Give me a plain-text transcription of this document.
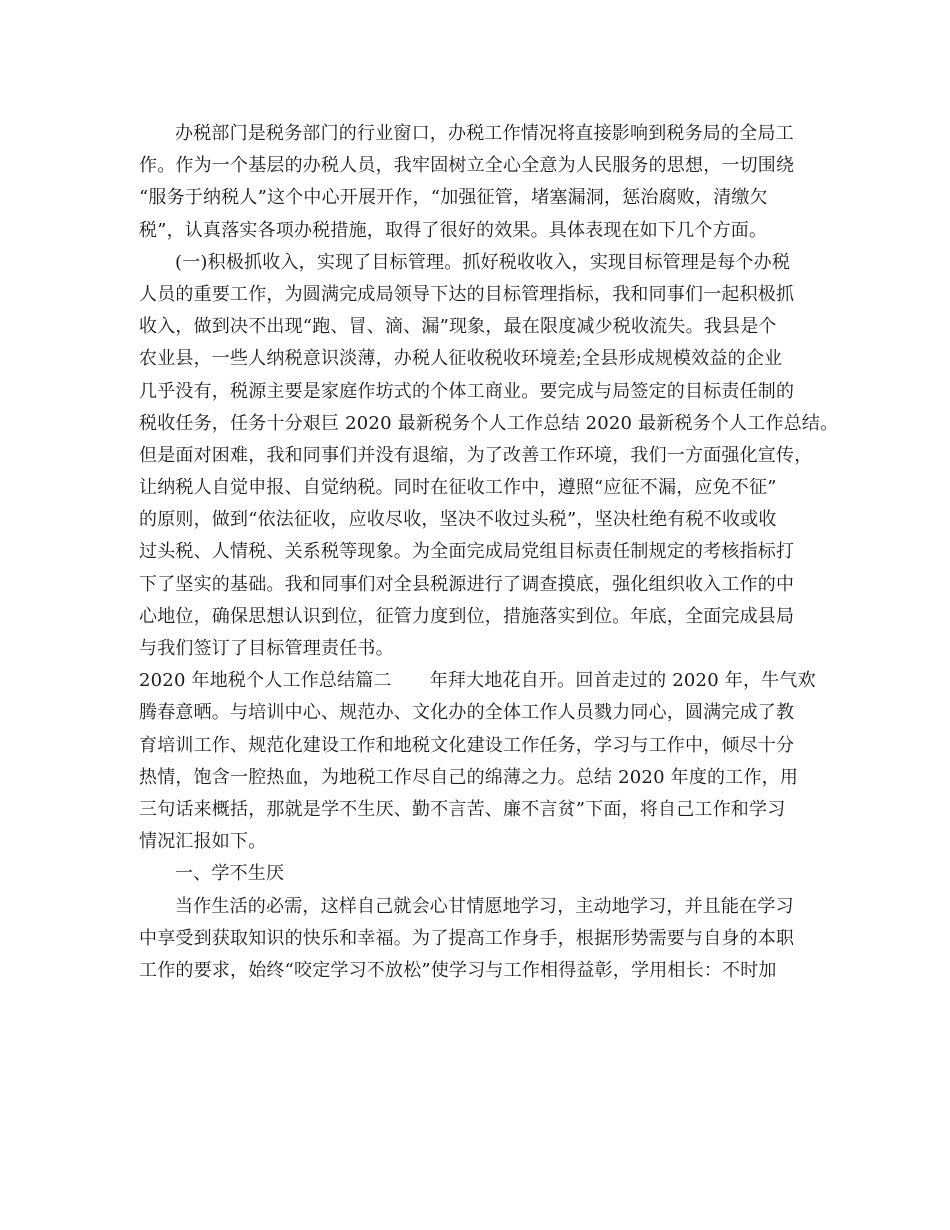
办税部门是税务部门的行业窗口，办税工作情况将直接影响到税务局的全局工
作。作为一个基层的办税人员，我牢固树立全心全意为人民服务的思想，一切围绕
“服务于纳税人”这个中心开展开作，“加强征管，堵塞漏洞，惩治腐败，清缴欠
税”，认真落实各项办税措施，取得了很好的效果。具体表现在如下几个方面。
(一)积极抓收入，实现了目标管理。抓好税收收入，实现目标管理是每个办税
人员的重要工作，为圆满完成局领导下达的目标管理指标，我和同事们一起积极抓
收入，做到决不出现“跑、冒、滴、漏”现象，最在限度减少税收流失。我县是个
农业县，一些人纳税意识淡薄，办税人征收税收环境差;全县形成规模效益的企业
几乎没有，税源主要是家庭作坊式的个体工商业。要完成与局签定的目标责任制的
税收任务，任务十分艰巨 2020 最新税务个人工作总结 2020 最新税务个人工作总结。
但是面对困难，我和同事们并没有退缩，为了改善工作环境，我们一方面强化宣传，
让纳税人自觉申报、自觉纳税。同时在征收工作中，遵照“应征不漏，应免不征”
的原则，做到“依法征收，应收尽收，坚决不收过头税”，坚决杜绝有税不收或收
过头税、人情税、关系税等现象。为全面完成局党组目标责任制规定的考核指标打
下了坚实的基础。我和同事们对全县税源进行了调查摸底，强化组织收入工作的中
心地位，确保思想认识到位，征管力度到位，措施落实到位。年底，全面完成县局
与我们签订了目标管理责任书。
2020 年地税个人工作总结篇二 年拜大地花自开。回首走过的 2020 年，牛气欢
腾春意晒。与培训中心、规范办、文化办的全体工作人员戮力同心，圆满完成了教
育培训工作、规范化建设工作和地税文化建设工作任务，学习与工作中，倾尽十分
热情，饱含一腔热血，为地税工作尽自己的绵薄之力。总结 2020 年度的工作，用
三句话来概括，那就是学不生厌、勤不言苦、廉不言贫”下面，将自己工作和学习
情况汇报如下。
一、学不生厌
当作生活的必需，这样自己就会心甘情愿地学习，主动地学习，并且能在学习
中享受到获取知识的快乐和幸福。为了提高工作身手，根据形势需要与自身的本职
工作的要求，始终“咬定学习不放松”使学习与工作相得益彰，学用相长：不时加
